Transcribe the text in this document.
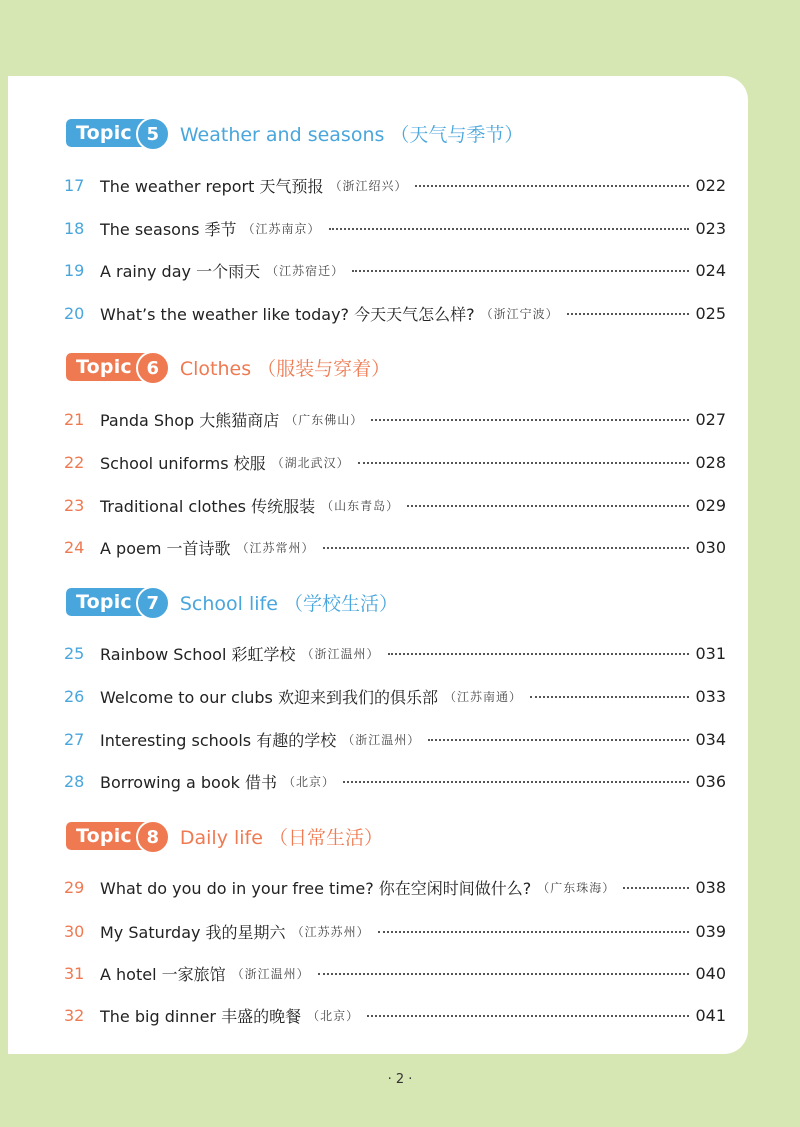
Topic 5	Weather and seasons （天气与季节）
17 The weather report 天气预报 （浙江绍兴）	022
18 The seasons 季节 （江苏南京）	023
19 A rainy day 一个雨天 （江苏宿迁）	024
20 What’s the weather like today? 今天天气怎么样? （浙江宁波）	025
Topic 6	Clothes （服装与穿着）
21 Panda Shop 大熊猫商店 （广东佛山）	027
22 School uniforms 校服 （湖北武汉）	028
23 Traditional clothes 传统服装 （山东青岛）	029
24 A poem 一首诗歌 （江苏常州）	030
Topic 7	School life （学校生活）
25 Rainbow School 彩虹学校 （浙江温州）	031
26 Welcome to our clubs 欢迎来到我们的俱乐部 （江苏南通）	033
27 Interesting schools 有趣的学校 （浙江温州）	034
28 Borrowing a book 借书 （北京）	036
Topic 8	Daily life （日常生活）
29 What do you do in your free time? 你在空闲时间做什么? （广东珠海）	038
30 My Saturday 我的星期六 （江苏苏州）	039
31 A hotel 一家旅馆 （浙江温州）	040
32 The big dinner 丰盛的晚餐 （北京）	041
· 2 ·
